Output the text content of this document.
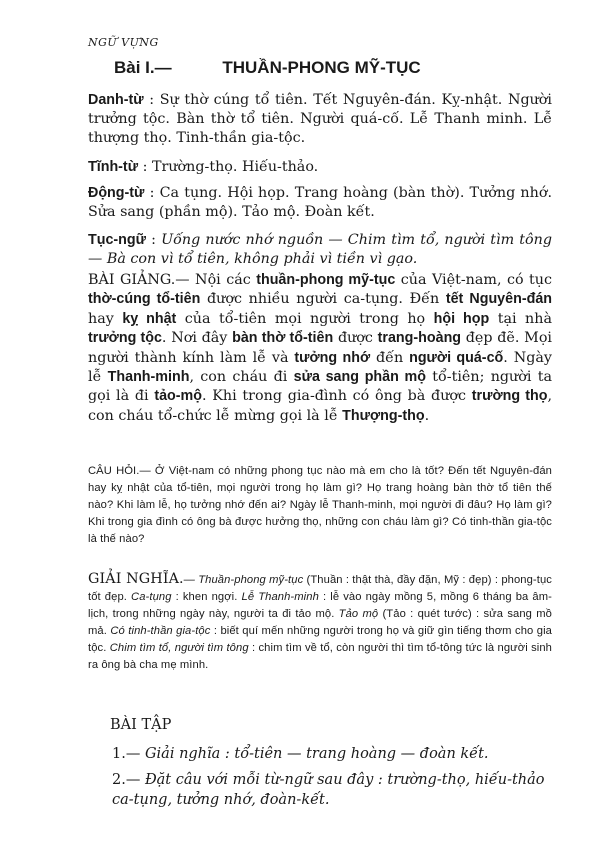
NGỮ VỰNG
Bài I.—	THUẦN-PHONG MỸ-TỤC
Danh-từ : Sự thờ cúng tổ tiên. Tết Nguyên-đán. Kỵ-nhật. Người trưởng tộc. Bàn thờ tổ tiên. Người quá-cố. Lễ Thanh minh. Lễ thượng thọ. Tinh-thần gia-tộc.
Tĩnh-từ : Trường-thọ. Hiếu-thảo.
Động-từ : Ca tụng. Hội họp. Trang hoàng (bàn thờ). Tưởng nhớ. Sửa sang (phần mộ). Tảo mộ. Đoàn kết.
Tục-ngữ : Uống nước nhớ nguồn — Chim tìm tổ, người tìm tông — Bà con vì tổ tiên, không phải vì tiền vì gạo.
BÀI GIẢNG.— Nội các thuần-phong mỹ-tục của Việt-nam, có tục thờ-cúng tổ-tiên được nhiều người ca-tụng. Đến tết Nguyên-đán hay kỵ nhật của tổ-tiên mọi người trong họ hội họp tại nhà trưởng tộc. Nơi đây bàn thờ tổ-tiên được trang-hoàng đẹp đẽ. Mọi người thành kính làm lễ và tưởng nhớ đến người quá-cố. Ngày lễ Thanh-minh, con cháu đi sửa sang phần mộ tổ-tiên; người ta gọi là đi tảo-mộ. Khi trong gia-đình có ông bà được trường thọ, con cháu tổ-chức lễ mừng gọi là lễ Thượng-thọ.
CÂU HỎI.— Ở Việt-nam có những phong tục nào mà em cho là tốt? Đến tết Nguyên-đán hay kỵ nhật của tổ-tiên, mọi người trong họ làm gì? Họ trang hoàng bàn thờ tổ tiên thế nào? Khi làm lễ, họ tưởng nhớ đến ai? Ngày lễ Thanh-minh, mọi người đi đâu? Họ làm gì? Khi trong gia đình có ông bà được hưởng thọ, những con cháu làm gì? Có tinh-thần gia-tộc là thế nào?
GIẢI NGHĨA.— Thuần-phong mỹ-tục (Thuần : thật thà, đầy đặn, Mỹ : đẹp) : phong-tục tốt đẹp. Ca-tụng : khen ngợi. Lễ Thanh-minh : lễ vào ngày mồng 5, mồng 6 tháng ba âm-lịch, trong những ngày này, người ta đi tảo mộ. Tảo mộ (Tảo : quét tước) : sửa sang mồ mả. Có tinh-thần gia-tộc : biết quí mến những người trong họ và giữ gìn tiếng thơm cho gia tộc. Chim tìm tổ, người tìm tông : chim tìm về tổ, còn người thì tìm tổ-tông tức là người sinh ra ông bà cha mẹ mình.
BÀI TẬP
1.— Giải nghĩa : tổ-tiên — trang hoàng — đoàn kết.
2.— Đặt câu với mỗi từ-ngữ sau đây : trường-thọ, hiếu-thảo ca-tụng, tưởng nhớ, đoàn-kết.
